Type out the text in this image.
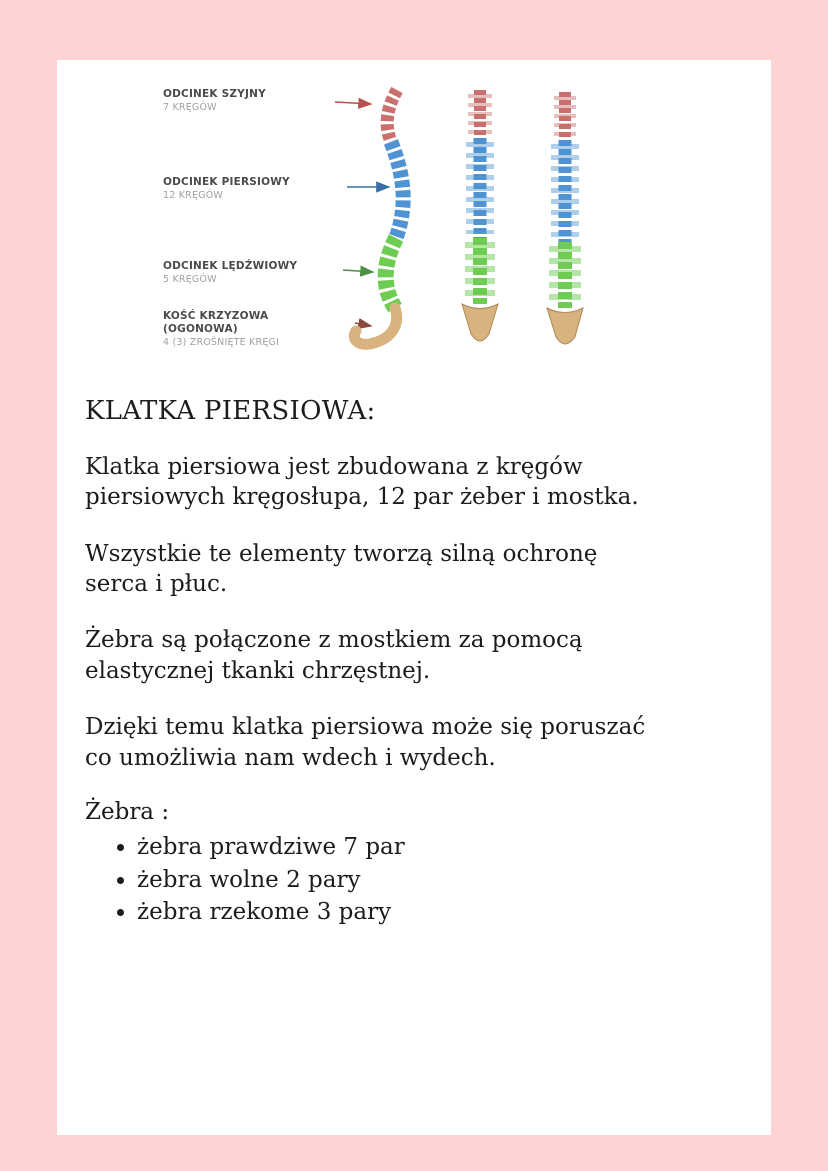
ODCINEK SZYJNY
7 KRĘGÓW
ODCINEK PIERSIOWY
12 KRĘGÓW
ODCINEK LĘDŹWIOWY
5 KRĘGÓW
KOŚĆ KRZYZOWA (OGONOWA)
4 (3) ZROŚNIĘTE KRĘGI
KLATKA PIERSIOWA:

Klatka piersiowa jest zbudowana z kręgów piersiowych kręgosłupa, 12 par żeber i mostka.

Wszystkie te elementy tworzą silną ochronę serca i płuc.

Żebra są połączone z mostkiem za pomocą elastycznej tkanki chrzęstnej.

Dzięki temu klatka piersiowa może się poruszać co umożliwia nam wdech i wydech.

Żebra :

• żebra prawdziwe 7 par
• żebra wolne 2 pary
• żebra rzekome 3 pary
